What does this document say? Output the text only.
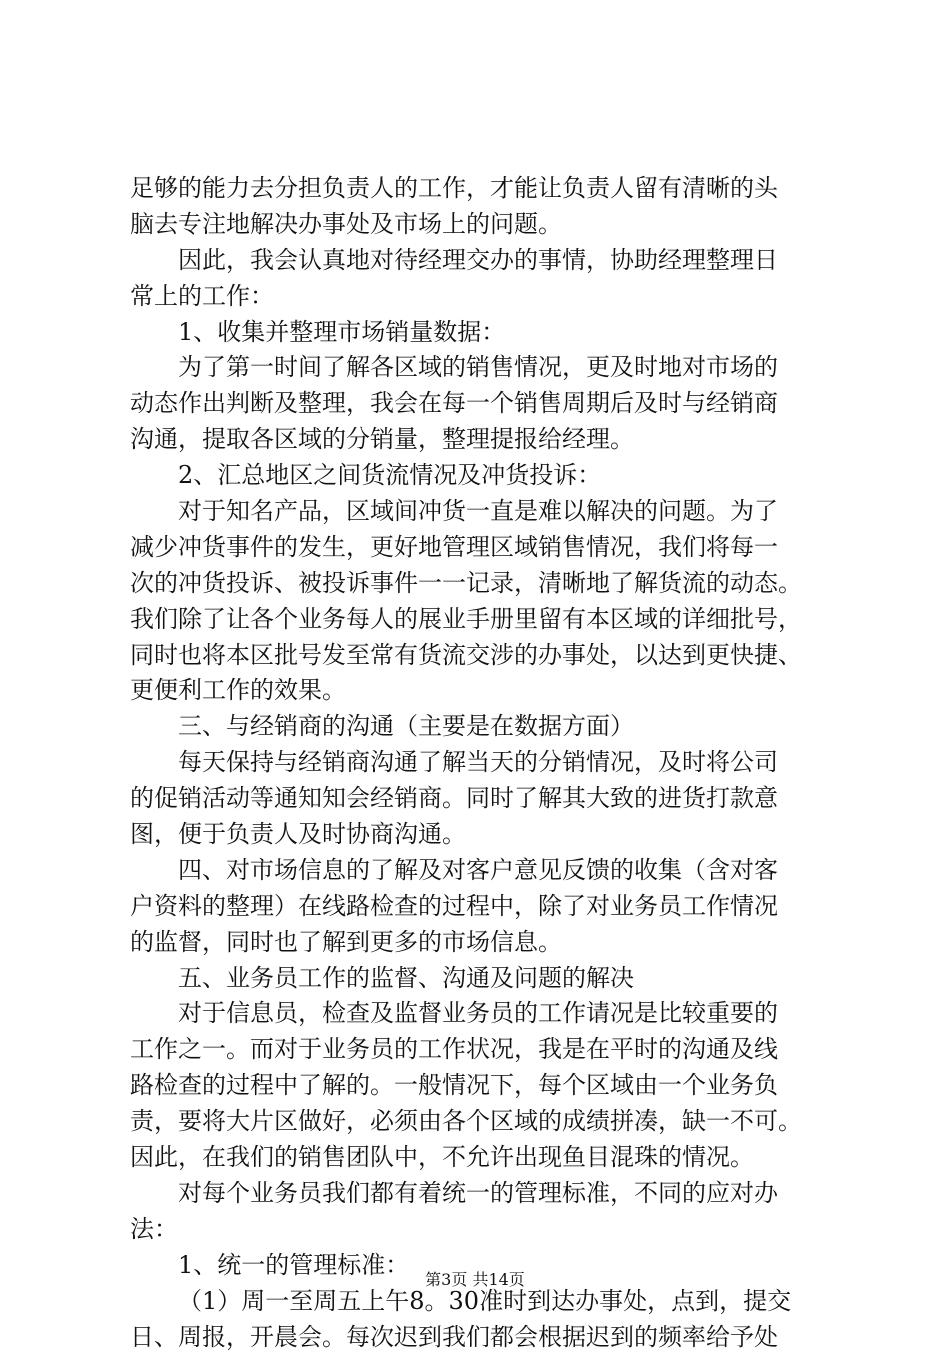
足够的能力去分担负责人的工作，才能让负责人留有清晰的头
脑去专注地解决办事处及市场上的问题。
因此，我会认真地对待经理交办的事情，协助经理整理日
常上的工作：
1、收集并整理市场销量数据：
为了第一时间了解各区域的销售情况，更及时地对市场的
动态作出判断及整理，我会在每一个销售周期后及时与经销商
沟通，提取各区域的分销量，整理提报给经理。
2、汇总地区之间货流情况及冲货投诉：
对于知名产品，区域间冲货一直是难以解决的问题。为了
减少冲货事件的发生，更好地管理区域销售情况，我们将每一
次的冲货投诉、被投诉事件一一记录，清晰地了解货流的动态。
我们除了让各个业务每人的展业手册里留有本区域的详细批号，
同时也将本区批号发至常有货流交涉的办事处，以达到更快捷、
更便利工作的效果。
三、与经销商的沟通（主要是在数据方面）
每天保持与经销商沟通了解当天的分销情况，及时将公司
的促销活动等通知知会经销商。同时了解其大致的进货打款意
图，便于负责人及时协商沟通。
四、对市场信息的了解及对客户意见反馈的收集（含对客
户资料的整理）在线路检查的过程中，除了对业务员工作情况
的监督，同时也了解到更多的市场信息。
五、业务员工作的监督、沟通及问题的解决
对于信息员，检查及监督业务员的工作请况是比较重要的
工作之一。而对于业务员的工作状况，我是在平时的沟通及线
路检查的过程中了解的。一般情况下，每个区域由一个业务负
责，要将大片区做好，必须由各个区域的成绩拼凑，缺一不可。
因此，在我们的销售团队中，不允许出现鱼目混珠的情况。
对每个业务员我们都有着统一的管理标准，不同的应对办
法：
1、统一的管理标准：
（1）周一至周五上午8。30准时到达办事处，点到，提交
日、周报，开晨会。每次迟到我们都会根据迟到的频率给予处
第3页 共14页
